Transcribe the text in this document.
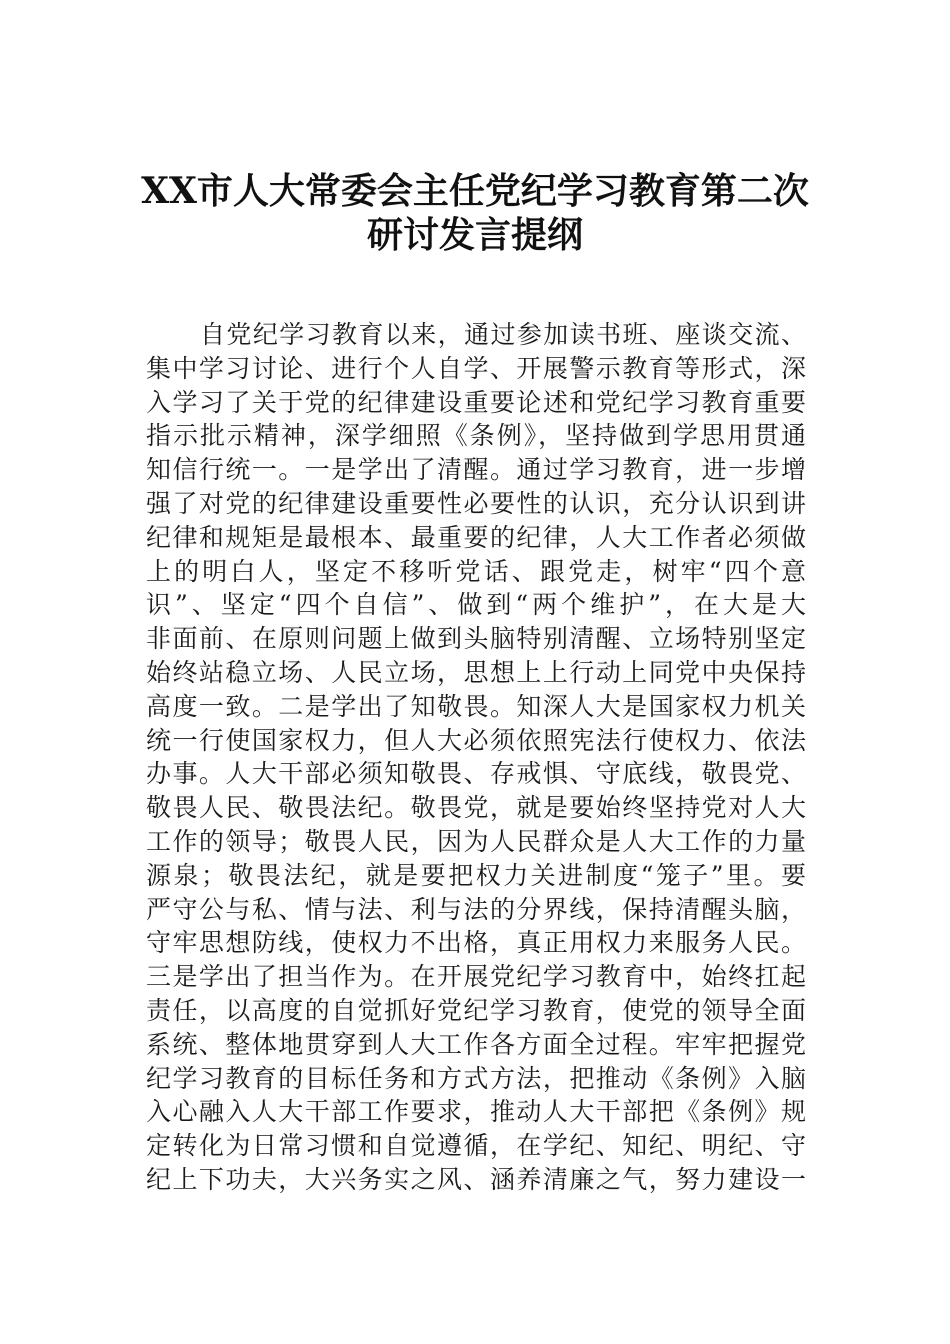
XX市人大常委会主任党纪学习教育第二次
研讨发言提纲
自党纪学习教育以来，通过参加读书班、座谈交流、
集中学习讨论、进行个人自学、开展警示教育等形式，深
入学习了关于党的纪律建设重要论述和党纪学习教育重要
指示批示精神，深学细照《条例》，坚持做到学思用贯通
知信行统一。一是学出了清醒。通过学习教育，进一步增
强了对党的纪律建设重要性必要性的认识，充分认识到讲
纪律和规矩是最根本、最重要的纪律，人大工作者必须做
上的明白人，坚定不移听党话、跟党走，树牢“四个意
识”、坚定“四个自信”、做到“两个维护”，在大是大
非面前、在原则问题上做到头脑特别清醒、立场特别坚定
始终站稳立场、人民立场，思想上上行动上同党中央保持
高度一致。二是学出了知敬畏。知深人大是国家权力机关
统一行使国家权力，但人大必须依照宪法行使权力、依法
办事。人大干部必须知敬畏、存戒惧、守底线，敬畏党、
敬畏人民、敬畏法纪。敬畏党，就是要始终坚持党对人大
工作的领导；敬畏人民，因为人民群众是人大工作的力量
源泉；敬畏法纪，就是要把权力关进制度“笼子”里。要
严守公与私、情与法、利与法的分界线，保持清醒头脑，
守牢思想防线，使权力不出格，真正用权力来服务人民。
三是学出了担当作为。在开展党纪学习教育中，始终扛起
责任，以高度的自觉抓好党纪学习教育，使党的领导全面
系统、整体地贯穿到人大工作各方面全过程。牢牢把握党
纪学习教育的目标任务和方式方法，把推动《条例》入脑
入心融入人大干部工作要求，推动人大干部把《条例》规
定转化为日常习惯和自觉遵循，在学纪、知纪、明纪、守
纪上下功夫，大兴务实之风、涵养清廉之气，努力建设一
